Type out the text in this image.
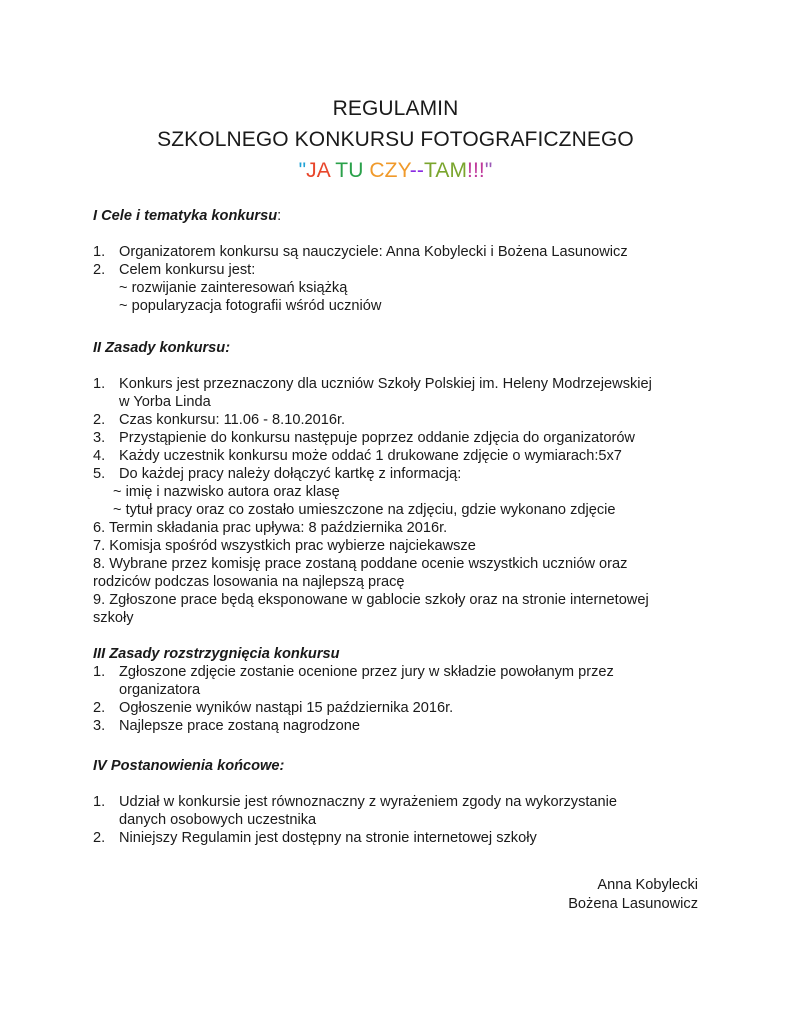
REGULAMIN
SZKOLNEGO KONKURSU FOTOGRAFICZNEGO
"JA TU CZY--TAM!!!"
I Cele i tematyka konkursu:
1. Organizatorem konkursu są nauczyciele: Anna Kobylecki i Bożena Lasunowicz
2. Celem konkursu jest:
~ rozwijanie zainteresowań książką
~ popularyzacja fotografii wśród uczniów
II Zasady konkursu:
1. Konkurs jest przeznaczony dla uczniów Szkoły Polskiej im. Heleny Modrzejewskiej
w Yorba Linda
2. Czas konkursu: 11.06 - 8.10.2016r.
3. Przystąpienie do konkursu następuje poprzez oddanie zdjęcia do organizatorów
4. Każdy uczestnik konkursu może oddać 1 drukowane zdjęcie o wymiarach:5x7
5. Do każdej pracy należy dołączyć kartkę z informacją:
~ imię i nazwisko autora oraz klasę
~ tytuł pracy oraz co zostało umieszczone na zdjęciu, gdzie wykonano zdjęcie
6. Termin składania prac upływa: 8 października 2016r.
7. Komisja spośród wszystkich prac wybierze najciekawsze
8. Wybrane przez komisję prace zostaną poddane ocenie wszystkich uczniów oraz
rodziców podczas losowania na najlepszą pracę
9. Zgłoszone prace będą eksponowane w gablocie szkoły oraz na stronie internetowej
szkoły
III Zasady rozstrzygnięcia konkursu
1. Zgłoszone zdjęcie zostanie ocenione przez jury w składzie powołanym przez
organizatora
2. Ogłoszenie wyników nastąpi 15 października 2016r.
3. Najlepsze prace zostaną nagrodzone
IV Postanowienia końcowe:
1. Udział w konkursie jest równoznaczny z wyrażeniem zgody na wykorzystanie
danych osobowych uczestnika
2. Niniejszy Regulamin jest dostępny na stronie internetowej szkoły
Anna Kobylecki
Bożena Lasunowicz
